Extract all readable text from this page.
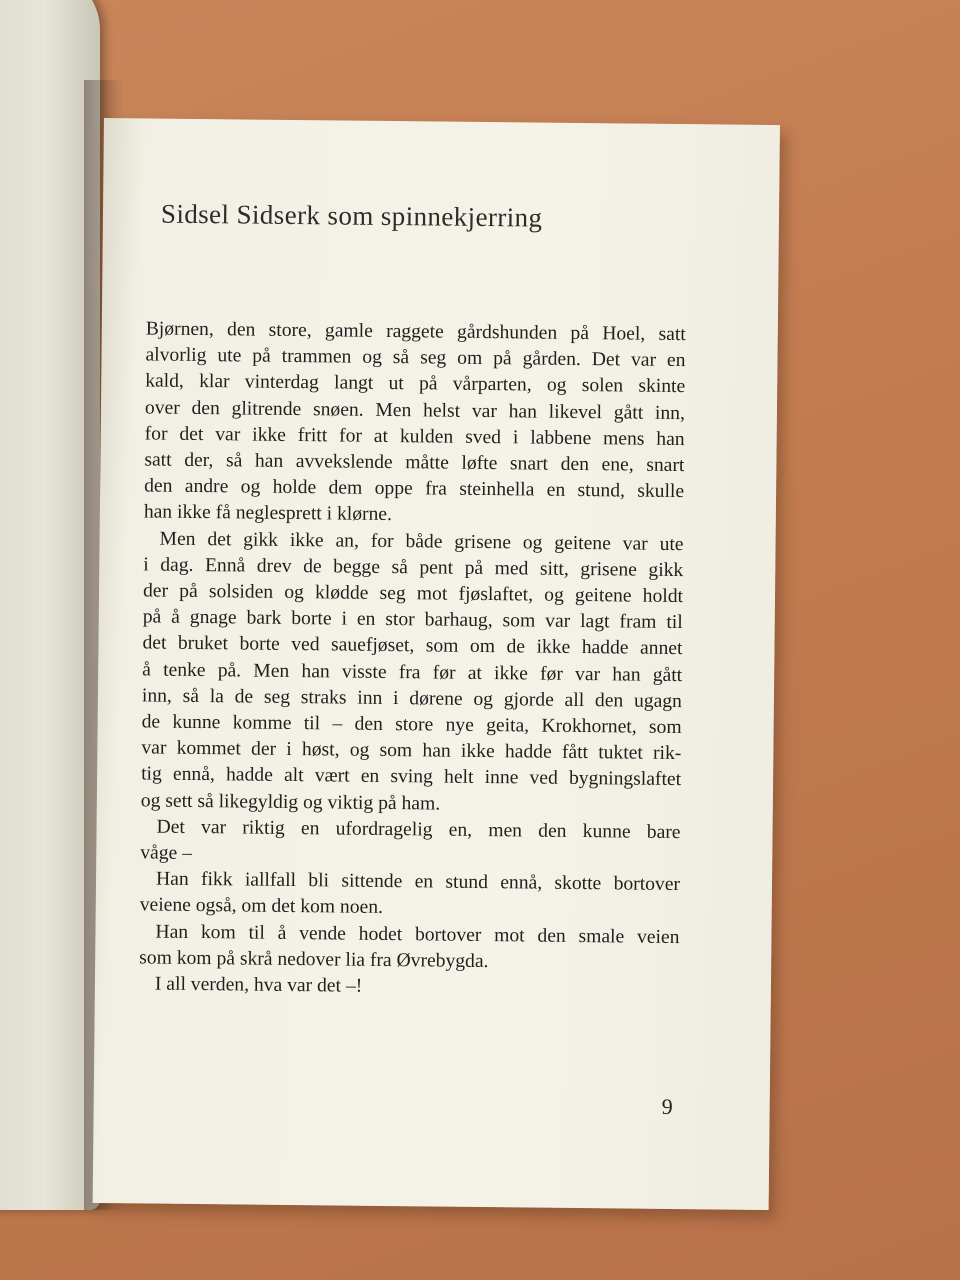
Sidsel Sidserk som spinnekjerring
Bjørnen, den store, gamle raggete gårdshunden på Hoel, satt
alvorlig ute på trammen og så seg om på gården. Det var en
kald, klar vinterdag langt ut på vårparten, og solen skinte
over den glitrende snøen. Men helst var han likevel gått inn,
for det var ikke fritt for at kulden sved i labbene mens han
satt der, så han avvekslende måtte løfte snart den ene, snart
den andre og holde dem oppe fra steinhella en stund, skulle
han ikke få neglesprett i klørne.
Men det gikk ikke an, for både grisene og geitene var ute
i dag. Ennå drev de begge så pent på med sitt, grisene gikk
der på solsiden og klødde seg mot fjøslaftet, og geitene holdt
på å gnage bark borte i en stor barhaug, som var lagt fram til
det bruket borte ved sauefjøset, som om de ikke hadde annet
å tenke på. Men han visste fra før at ikke før var han gått
inn, så la de seg straks inn i dørene og gjorde all den ugagn
de kunne komme til – den store nye geita, Krokhornet, som
var kommet der i høst, og som han ikke hadde fått tuktet rik-
tig ennå, hadde alt vært en sving helt inne ved bygningslaftet
og sett så likegyldig og viktig på ham.
Det var riktig en ufordragelig en, men den kunne bare
våge –
Han fikk iallfall bli sittende en stund ennå, skotte bortover
veiene også, om det kom noen.
Han kom til å vende hodet bortover mot den smale veien
som kom på skrå nedover lia fra Øvrebygda.
I all verden, hva var det –!
9
